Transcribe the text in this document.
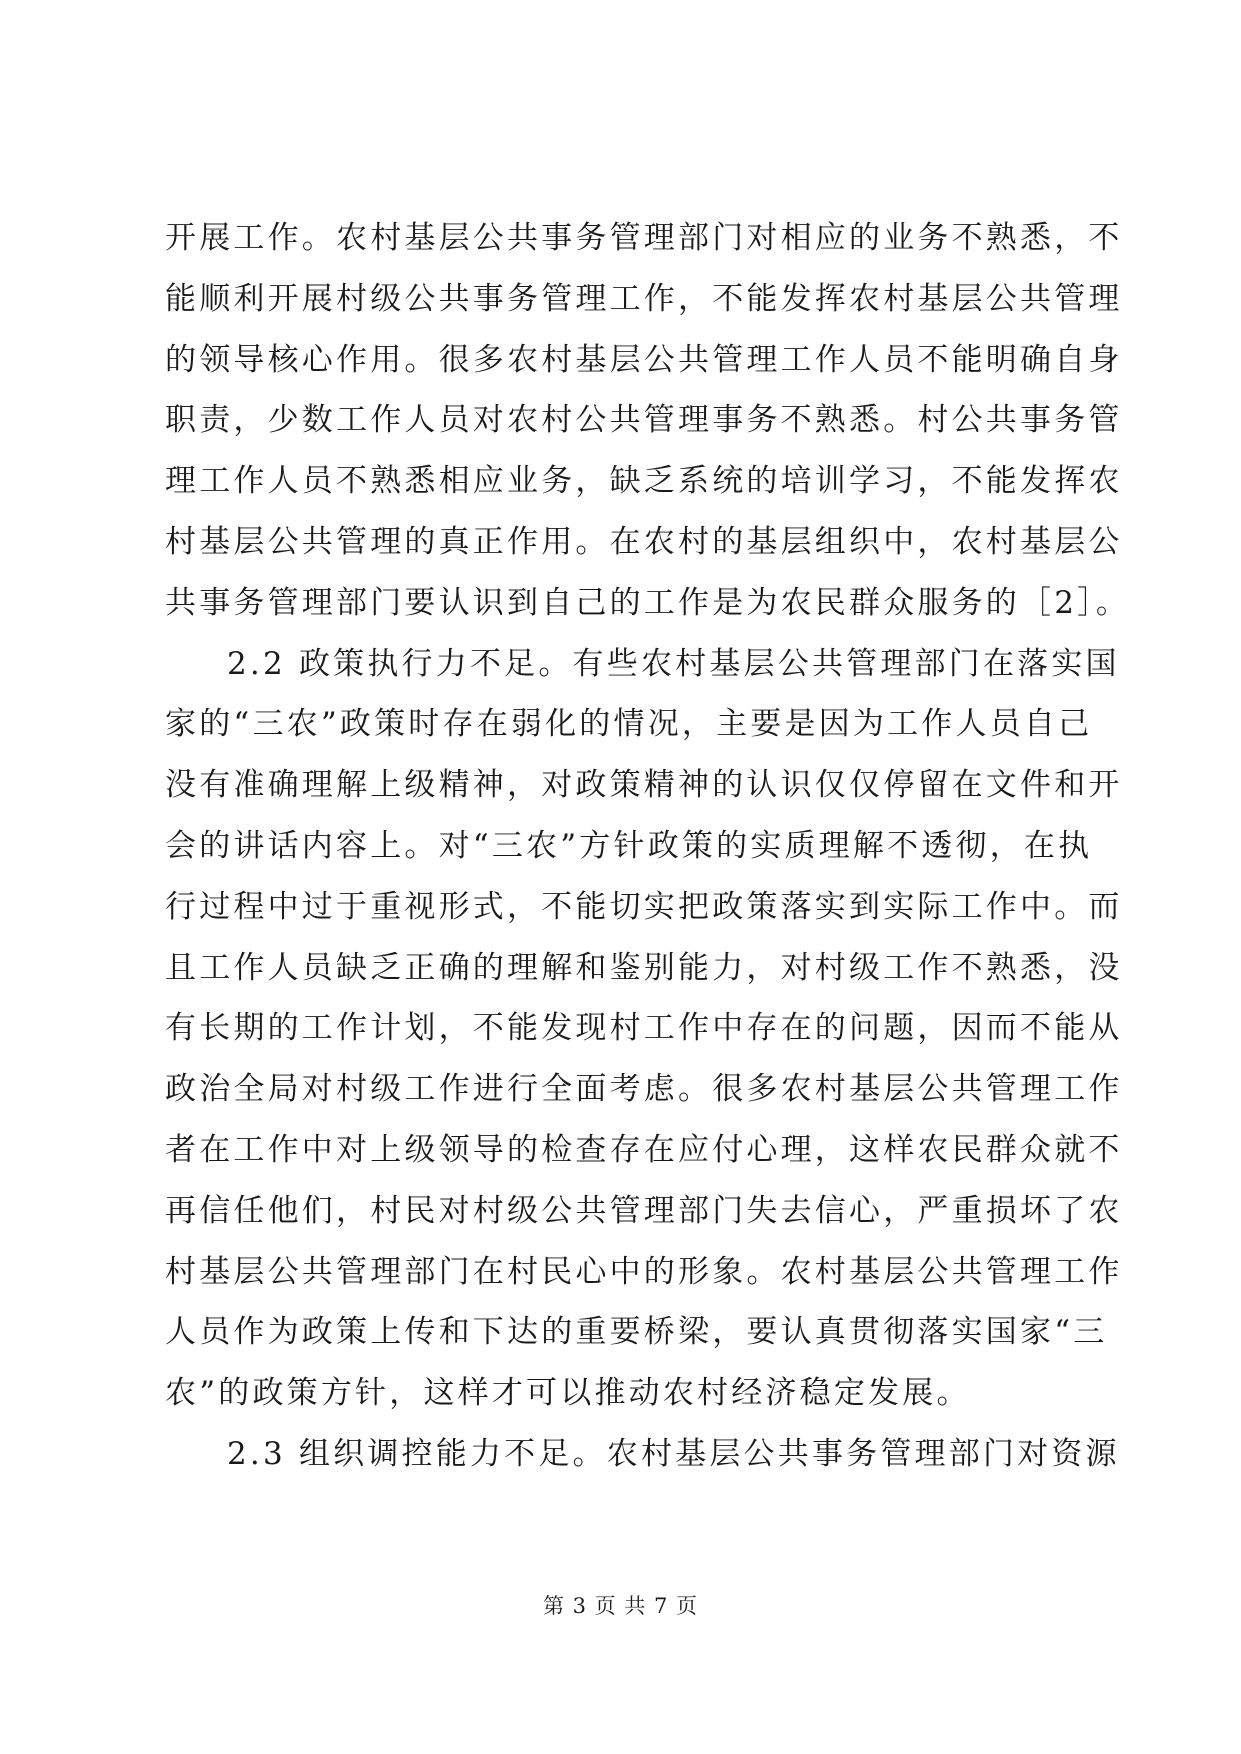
开展工作。农村基层公共事务管理部门对相应的业务不熟悉，不
能顺利开展村级公共事务管理工作，不能发挥农村基层公共管理
的领导核心作用。很多农村基层公共管理工作人员不能明确自身
职责，少数工作人员对农村公共管理事务不熟悉。村公共事务管
理工作人员不熟悉相应业务，缺乏系统的培训学习，不能发挥农
村基层公共管理的真正作用。在农村的基层组织中，农村基层公
共事务管理部门要认识到自己的工作是为农民群众服务的［2］。
2.2 政策执行力不足。有些农村基层公共管理部门在落实国
家的“三农”政策时存在弱化的情况，主要是因为工作人员自己
没有准确理解上级精神，对政策精神的认识仅仅停留在文件和开
会的讲话内容上。对“三农”方针政策的实质理解不透彻，在执
行过程中过于重视形式，不能切实把政策落实到实际工作中。而
且工作人员缺乏正确的理解和鉴别能力，对村级工作不熟悉，没
有长期的工作计划，不能发现村工作中存在的问题，因而不能从
政治全局对村级工作进行全面考虑。很多农村基层公共管理工作
者在工作中对上级领导的检查存在应付心理，这样农民群众就不
再信任他们，村民对村级公共管理部门失去信心，严重损坏了农
村基层公共管理部门在村民心中的形象。农村基层公共管理工作
人员作为政策上传和下达的重要桥梁，要认真贯彻落实国家“三
农”的政策方针，这样才可以推动农村经济稳定发展。
2.3 组织调控能力不足。农村基层公共事务管理部门对资源
第 3 页 共 7 页
